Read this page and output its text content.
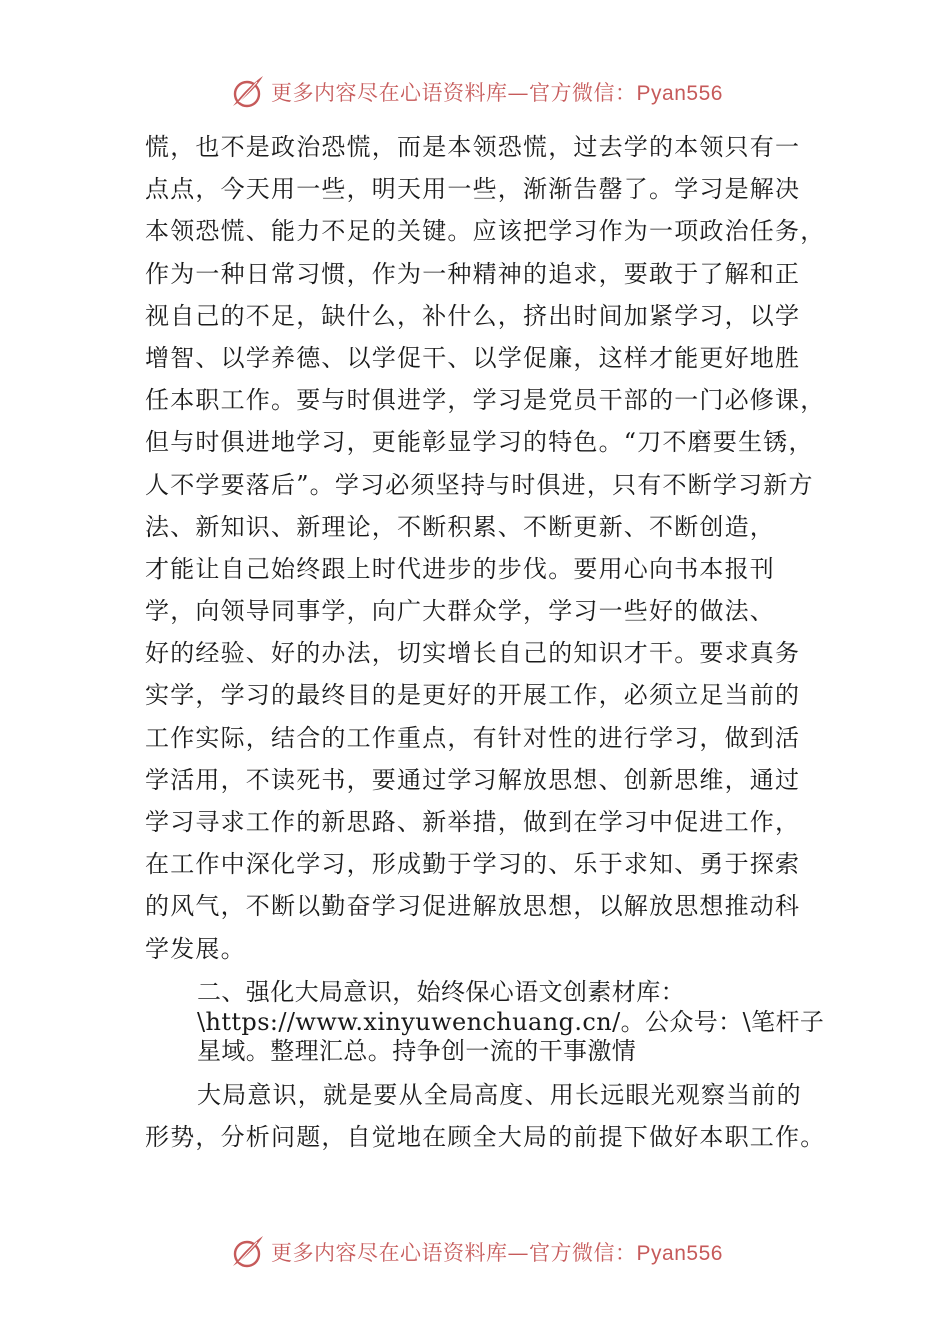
更多内容尽在心语资料库—官方微信：Pyan556
慌，也不是政治恐慌，而是本领恐慌，过去学的本领只有一
点点，今天用一些，明天用一些，渐渐告罄了。学习是解决
本领恐慌、能力不足的关键。应该把学习作为一项政治任务，
作为一种日常习惯，作为一种精神的追求，要敢于了解和正
视自己的不足，缺什么，补什么，挤出时间加紧学习，以学
增智、以学养德、以学促干、以学促廉，这样才能更好地胜
任本职工作。要与时俱进学，学习是党员干部的一门必修课，
但与时俱进地学习，更能彰显学习的特色。“刀不磨要生锈，
人不学要落后”。学习必须坚持与时俱进，只有不断学习新方
法、新知识、新理论，不断积累、不断更新、不断创造，
才能让自己始终跟上时代进步的步伐。要用心向书本报刊
学，向领导同事学，向广大群众学，学习一些好的做法、
好的经验、好的办法，切实增长自己的知识才干。要求真务
实学，学习的最终目的是更好的开展工作，必须立足当前的
工作实际，结合的工作重点，有针对性的进行学习，做到活
学活用，不读死书，要通过学习解放思想、创新思维，通过
学习寻求工作的新思路、新举措，做到在学习中促进工作，
在工作中深化学习，形成勤于学习的、乐于求知、勇于探索
的风气，不断以勤奋学习促进解放思想，以解放思想推动科
学发展。
二、强化大局意识，始终保心语文创素材库：
\https://www.xinyuwenchuang.cn/。公众号：\笔杆子
星域。整理汇总。持争创一流的干事激情
大局意识，就是要从全局高度、用长远眼光观察当前的
形势，分析问题，自觉地在顾全大局的前提下做好本职工作。
更多内容尽在心语资料库—官方微信：Pyan556
